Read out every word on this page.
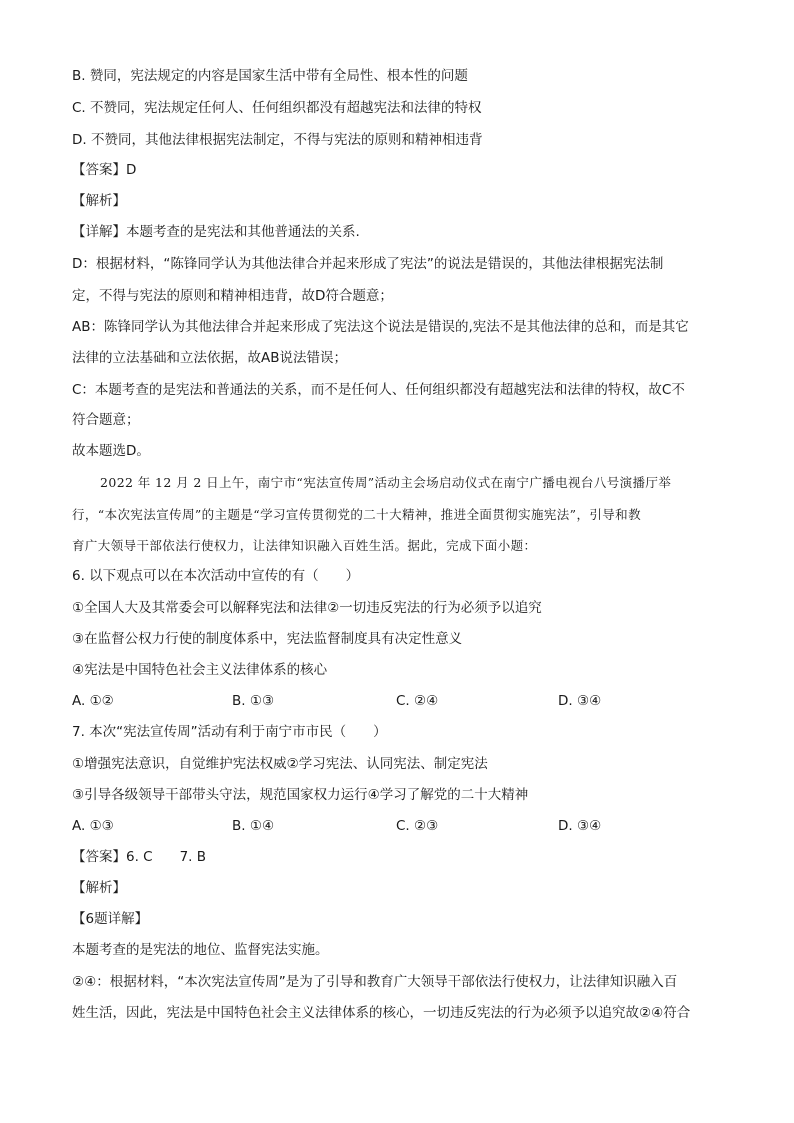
B. 赞同，宪法规定的内容是国家生活中带有全局性、根本性的问题
C. 不赞同，宪法规定任何人、任何组织都没有超越宪法和法律的特权
D. 不赞同，其他法律根据宪法制定，不得与宪法的原则和精神相违背
【答案】D
【解析】
【详解】本题考查的是宪法和其他普通法的关系.
D：根据材料，“陈锋同学认为其他法律合并起来形成了宪法”的说法是错误的，其他法律根据宪法制
定，不得与宪法的原则和精神相违背，故D符合题意；
AB：陈锋同学认为其他法律合并起来形成了宪法这个说法是错误的,宪法不是其他法律的总和，而是其它
法律的立法基础和立法依据，故AB说法错误；
C：本题考查的是宪法和普通法的关系，而不是任何人、任何组织都没有超越宪法和法律的特权，故C不
符合题意；
故本题选D。
2022 年 12 月 2 日上午，南宁市“宪法宣传周”活动主会场启动仪式在南宁广播电视台八号演播厅举
行，“本次宪法宣传周”的主题是“学习宣传贯彻党的二十大精神，推进全面贯彻实施宪法”，引导和教
育广大领导干部依法行使权力，让法律知识融入百姓生活。据此，完成下面小题：
6. 以下观点可以在本次活动中宣传的有（　　）
①全国人大及其常委会可以解释宪法和法律②一切违反宪法的行为必须予以追究
③在监督公权力行使的制度体系中，宪法监督制度具有决定性意义
④宪法是中国特色社会主义法律体系的核心
A. ①②	B. ①③	C. ②④	D. ③④
7. 本次“宪法宣传周”活动有利于南宁市市民（　　）
①增强宪法意识，自觉维护宪法权威②学习宪法、认同宪法、制定宪法
③引导各级领导干部带头守法，规范国家权力运行④学习了解党的二十大精神
A. ①③	B. ①④	C. ②③	D. ③④
【答案】6. C　　7. B
【解析】
【6题详解】
本题考查的是宪法的地位、监督宪法实施。
②④：根据材料，“本次宪法宣传周”是为了引导和教育广大领导干部依法行使权力，让法律知识融入百
姓生活，因此，宪法是中国特色社会主义法律体系的核心，一切违反宪法的行为必须予以追究故②④符合
